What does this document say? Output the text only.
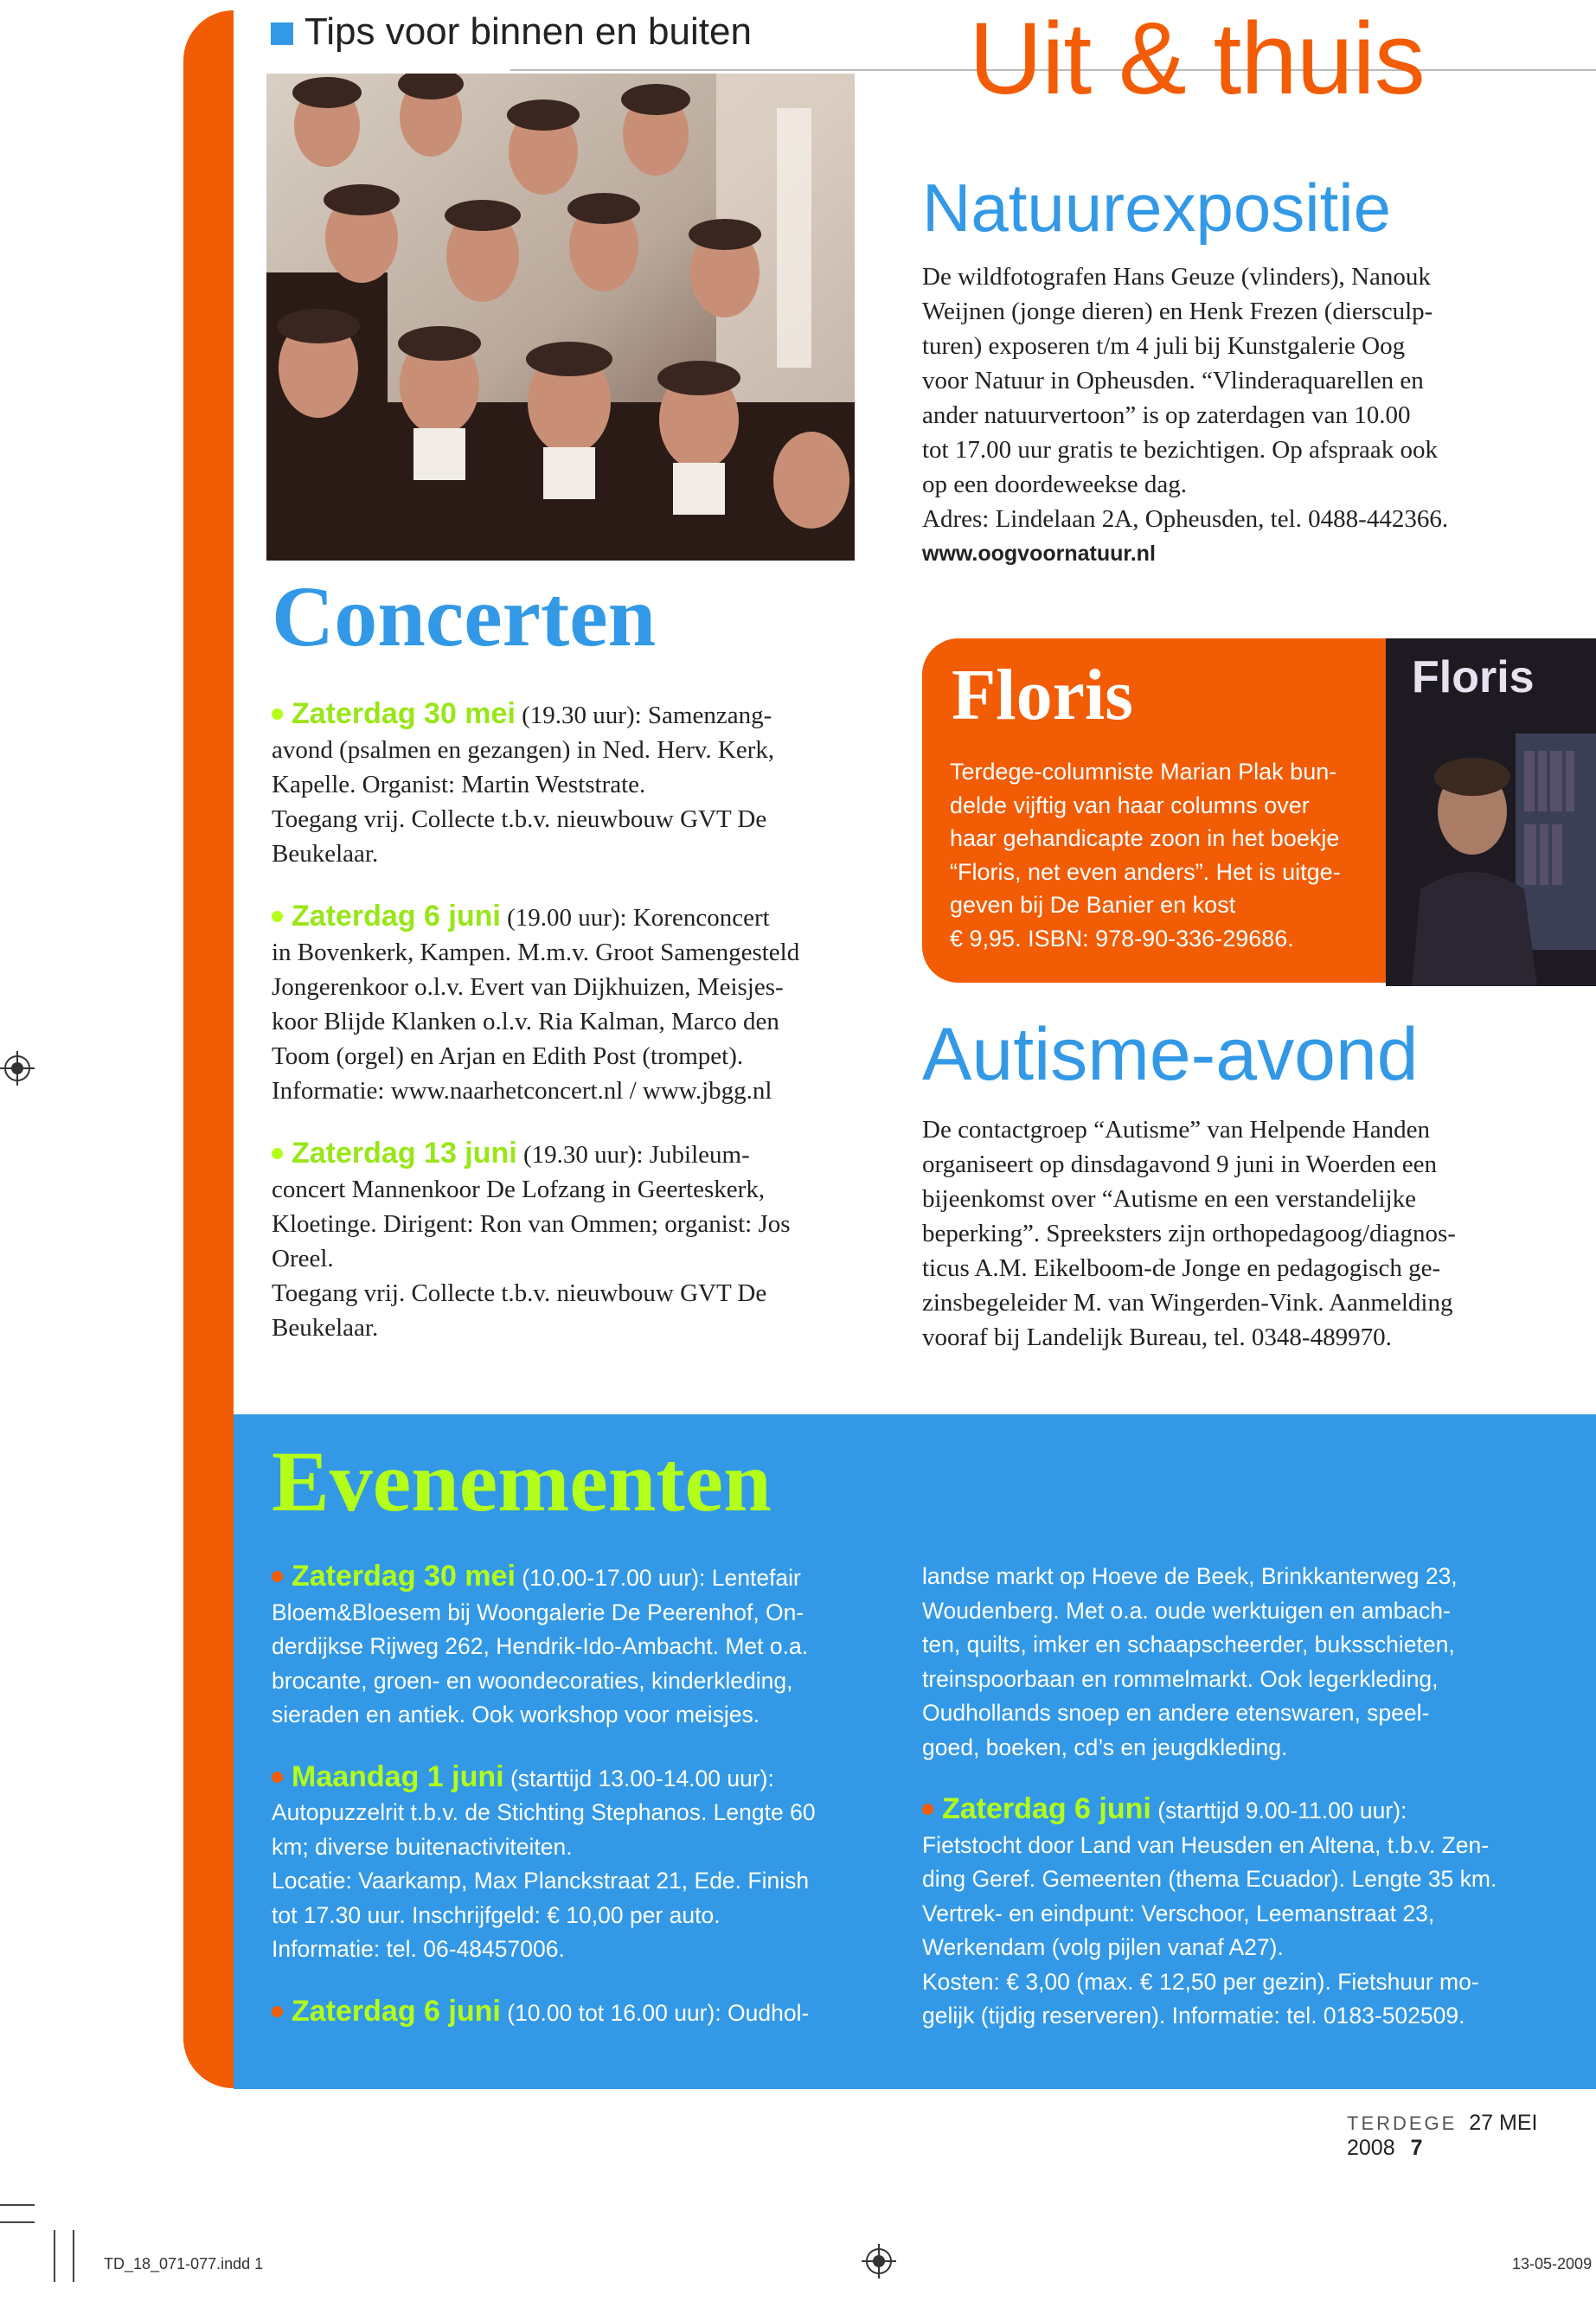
Tips voor binnen en buiten Uit & thuis
Concerten

Zaterdag 30 mei (19.30 uur): Samenzang-

avond (psalmen en gezangen) in Ned. Herv. Kerk,

Kapelle. Organist: Martin Weststrate.

Toegang vrij. Collecte t.b.v. nieuwbouw GVT De

Beukelaar.

Zaterdag 6 juni (19.00 uur): Korenconcert

in Bovenkerk, Kampen. M.m.v. Groot Samengesteld

Jongerenkoor o.l.v. Evert van Dijkhuizen, Meisjes-

koor Blijde Klanken o.l.v. Ria Kalman, Marco den

Toom (orgel) en Arjan en Edith Post (trompet).

Informatie: www.naarhetconcert.nl / www.jbgg.nl

Zaterdag 13 juni (19.30 uur): Jubileum-

concert Mannenkoor De Lofzang in Geerteskerk,

Kloetinge. Dirigent: Ron van Ommen; organist: Jos

Oreel.

Toegang vrij. Collecte t.b.v. nieuwbouw GVT De

Beukelaar.

Natuurexpositie

De wildfotografen Hans Geuze (vlinders), Nanouk

Weijnen (jonge dieren) en Henk Frezen (diersculp-

turen) exposeren t/m 4 juli bij Kunstgalerie Oog

voor Natuur in Opheusden. “Vlinderaquarellen en

ander natuurvertoon” is op zaterdagen van 10.00

tot 17.00 uur gratis te bezichtigen. Op afspraak ook

op een doordeweekse dag.

Adres: Lindelaan 2A, Opheusden, tel. 0488-442366.

www.oogvoornatuur.nl

Floris
Terdege-columniste Marian Plak bun-
delde vijftig van haar columns over
haar gehandicapte zoon in het boekje
“Floris, net even anders”. Het is uitge-
geven bij De Banier en kost
€ 9,95. ISBN: 978-90-336-29686.
Floris
Autisme-avond

De contactgroep “Autisme” van Helpende Handen

organiseert op dinsdagavond 9 juni in Woerden een

bijeenkomst over “Autisme en een verstandelijke

beperking”. Spreeksters zijn orthopedagoog/diagnos-

ticus A.M. Eikelboom-de Jonge en pedagogisch ge-

zinsbegeleider M. van Wingerden-Vink. Aanmelding

vooraf bij Landelijk Bureau, tel. 0348-489970.

Evenementen

Zaterdag 30 mei (10.00-17.00 uur): Lentefair

Bloem&Bloesem bij Woongalerie De Peerenhof, On-

derdijkse Rijweg 262, Hendrik-Ido-Ambacht. Met o.a.

brocante, groen- en woondecoraties, kinderkleding,

sieraden en antiek. Ook workshop voor meisjes.

Maandag 1 juni (starttijd 13.00-14.00 uur):

Autopuzzelrit t.b.v. de Stichting Stephanos. Lengte 60

km; diverse buitenactiviteiten.

Locatie: Vaarkamp, Max Planckstraat 21, Ede. Finish

tot 17.30 uur. Inschrijfgeld: € 10,00 per auto.

Informatie: tel. 06-48457006.

Zaterdag 6 juni (10.00 tot 16.00 uur): Oudhol-

landse markt op Hoeve de Beek, Brinkkanterweg 23,

Woudenberg. Met o.a. oude werktuigen en ambach-

ten, quilts, imker en schaapscheerder, buksschieten,

treinspoorbaan en rommelmarkt. Ook legerkleding,

Oudhollands snoep en andere etenswaren, speel-

goed, boeken, cd’s en jeugdkleding.

Zaterdag 6 juni (starttijd 9.00-11.00 uur):

Fietstocht door Land van Heusden en Altena, t.b.v. Zen-

ding Geref. Gemeenten (thema Ecuador). Lengte 35 km.

Vertrek- en eindpunt: Verschoor, Leemanstraat 23,

Werkendam (volg pijlen vanaf A27).

Kosten: € 3,00 (max. € 12,50 per gezin). Fietshuur mo-

gelijk (tijdig reserveren). Informatie: tel. 0183-502509.

TERDEGE 27 MEI 2008 7
TD_18_071-077.indd 1	13-05-2009
